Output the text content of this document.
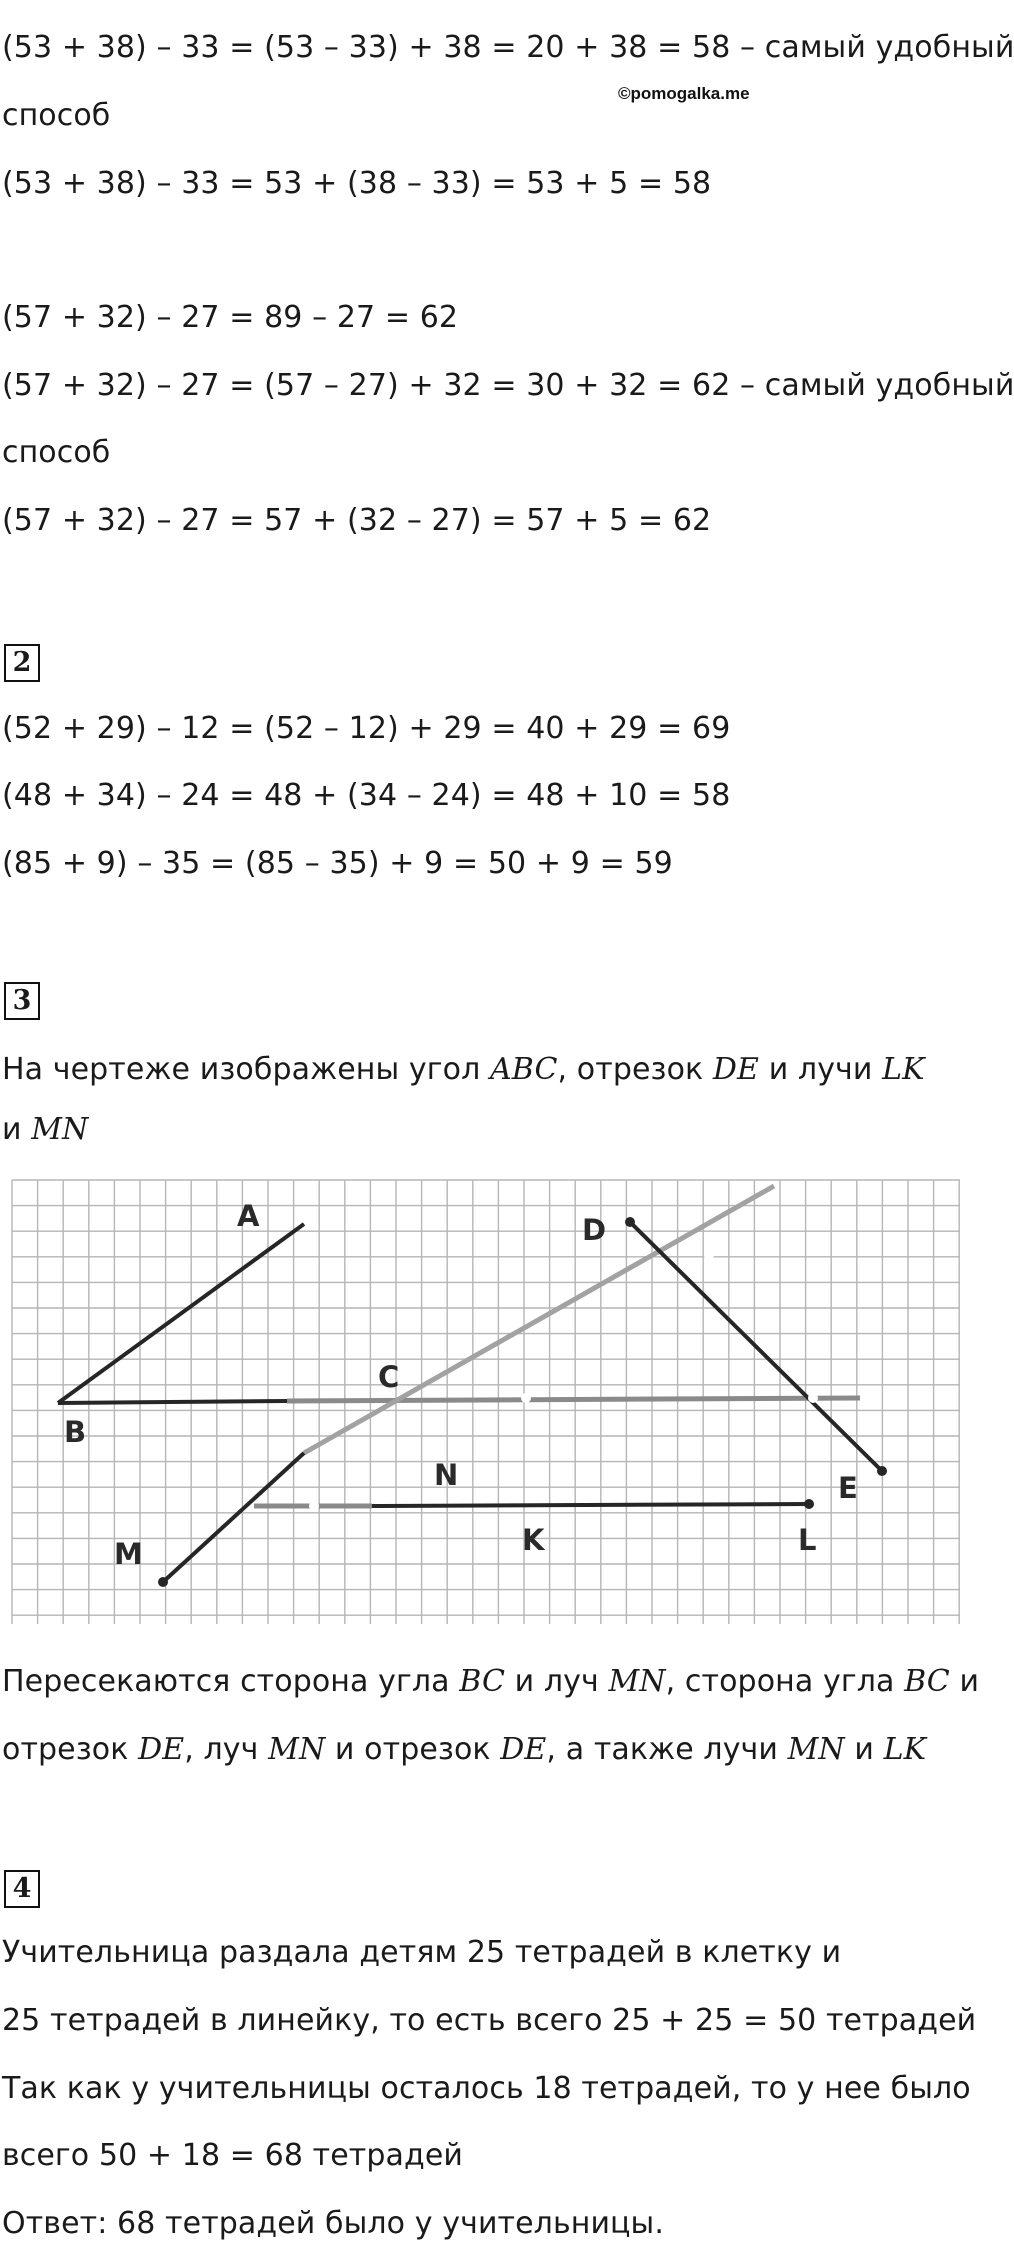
(53 + 38) – 33 = (53 – 33) + 38 = 20 + 38 = 58 – самый удобный
©pomogalka.me
способ
(53 + 38) – 33 = 53 + (38 – 33) = 53 + 5 = 58
(57 + 32) – 27 = 89 – 27 = 62
(57 + 32) – 27 = (57 – 27) + 32 = 30 + 32 = 62 – самый удобный
способ
(57 + 32) – 27 = 57 + (32 – 27) = 57 + 5 = 62
2
(52 + 29) – 12 = (52 – 12) + 29 = 40 + 29 = 69
(48 + 34) – 24 = 48 + (34 – 24) = 48 + 10 = 58
(85 + 9) – 35 = (85 – 35) + 9 = 50 + 9 = 59
3
На чертеже изображены угол ABC, отрезок DE и лучи LK
и MN
A
B
C
D
E
N
M	K	L
Пересекаются сторона угла BC и луч MN, сторона угла BC и
отрезок DE, луч MN и отрезок DE, а также лучи MN и LK
4
Учительница раздала детям 25 тетрадей в клетку и
25 тетрадей в линейку, то есть всего 25 + 25 = 50 тетрадей
Так как у учительницы осталось 18 тетрадей, то у нее было
всего 50 + 18 = 68 тетрадей
Ответ: 68 тетрадей было у учительницы.
